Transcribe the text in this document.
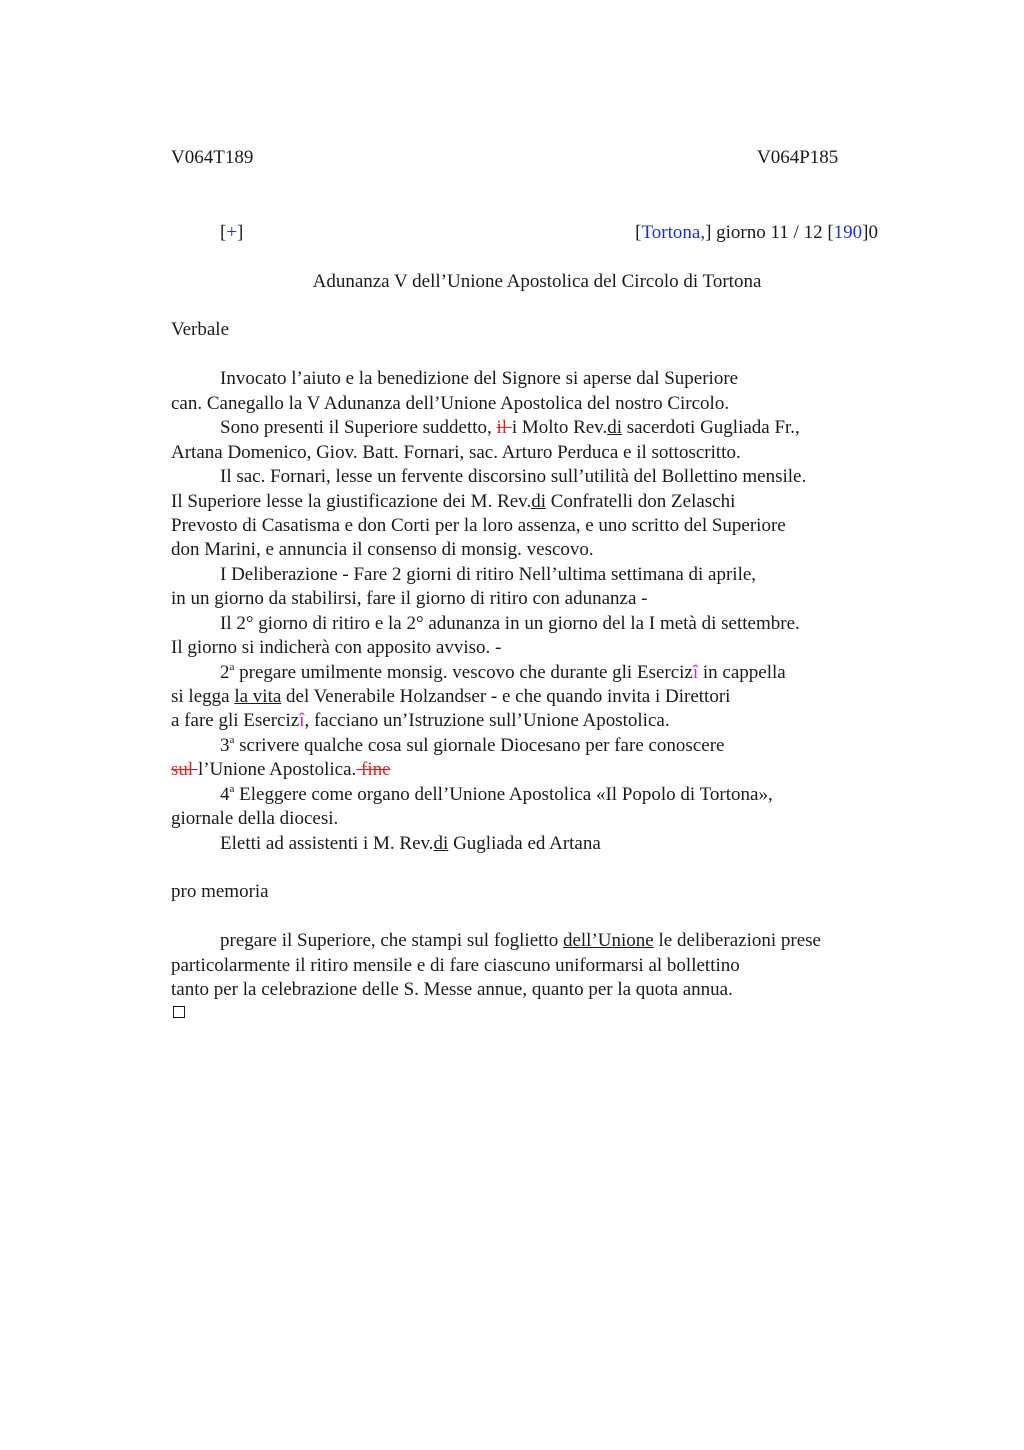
V064T189	V064P185
[+]	[Tortona,] giorno 11 / 12 [190]0
Adunanza V dell’Unione Apostolica del Circolo di Tortona
Verbale
Invocato l’aiuto e la benedizione del Signore si aperse dal Superiore
can. Canegallo la V Adunanza dell’Unione Apostolica del nostro Circolo.
Sono presenti il Superiore suddetto, il i Molto Rev.di sacerdoti Gugliada Fr.,
Artana Domenico, Giov. Batt. Fornari, sac. Arturo Perduca e il sottoscritto.
Il sac. Fornari, lesse un fervente discorsino sull’utilità del Bollettino mensile.
Il Superiore lesse la giustificazione dei M. Rev.di Confratelli don Zelaschi
Prevosto di Casatisma e don Corti per la loro assenza, e uno scritto del Superiore
don Marini, e annuncia il consenso di monsig. vescovo.
I Deliberazione - Fare 2 giorni di ritiro Nell’ultima settimana di aprile,
in un giorno da stabilirsi, fare il giorno di ritiro con adunanza -
Il 2° giorno di ritiro e la 2° adunanza in un giorno del la I metà di settembre.
Il giorno si indicherà con apposito avviso. -
2$^a$ pregare umilmente monsig. vescovo che durante gli Esercizî in cappella
si legga la vita del Venerabile Holzandser - e che quando invita i Direttori
a fare gli Esercizî, facciano un’Istruzione sull’Unione Apostolica.
3$^a$ scrivere qualche cosa sul giornale Diocesano per fare conoscere
sul l’Unione Apostolica. fine
4$^a$ Eleggere come organo dell’Unione Apostolica «Il Popolo di Tortona»,
giornale della diocesi.
Eletti ad assistenti i M. Rev.di Gugliada ed Artana
pro memoria
pregare il Superiore, che stampi sul foglietto dell’Unione le deliberazioni prese
particolarmente il ritiro mensile e di fare ciascuno uniformarsi al bollettino
tanto per la celebrazione delle S. Messe annue, quanto per la quota annua.
